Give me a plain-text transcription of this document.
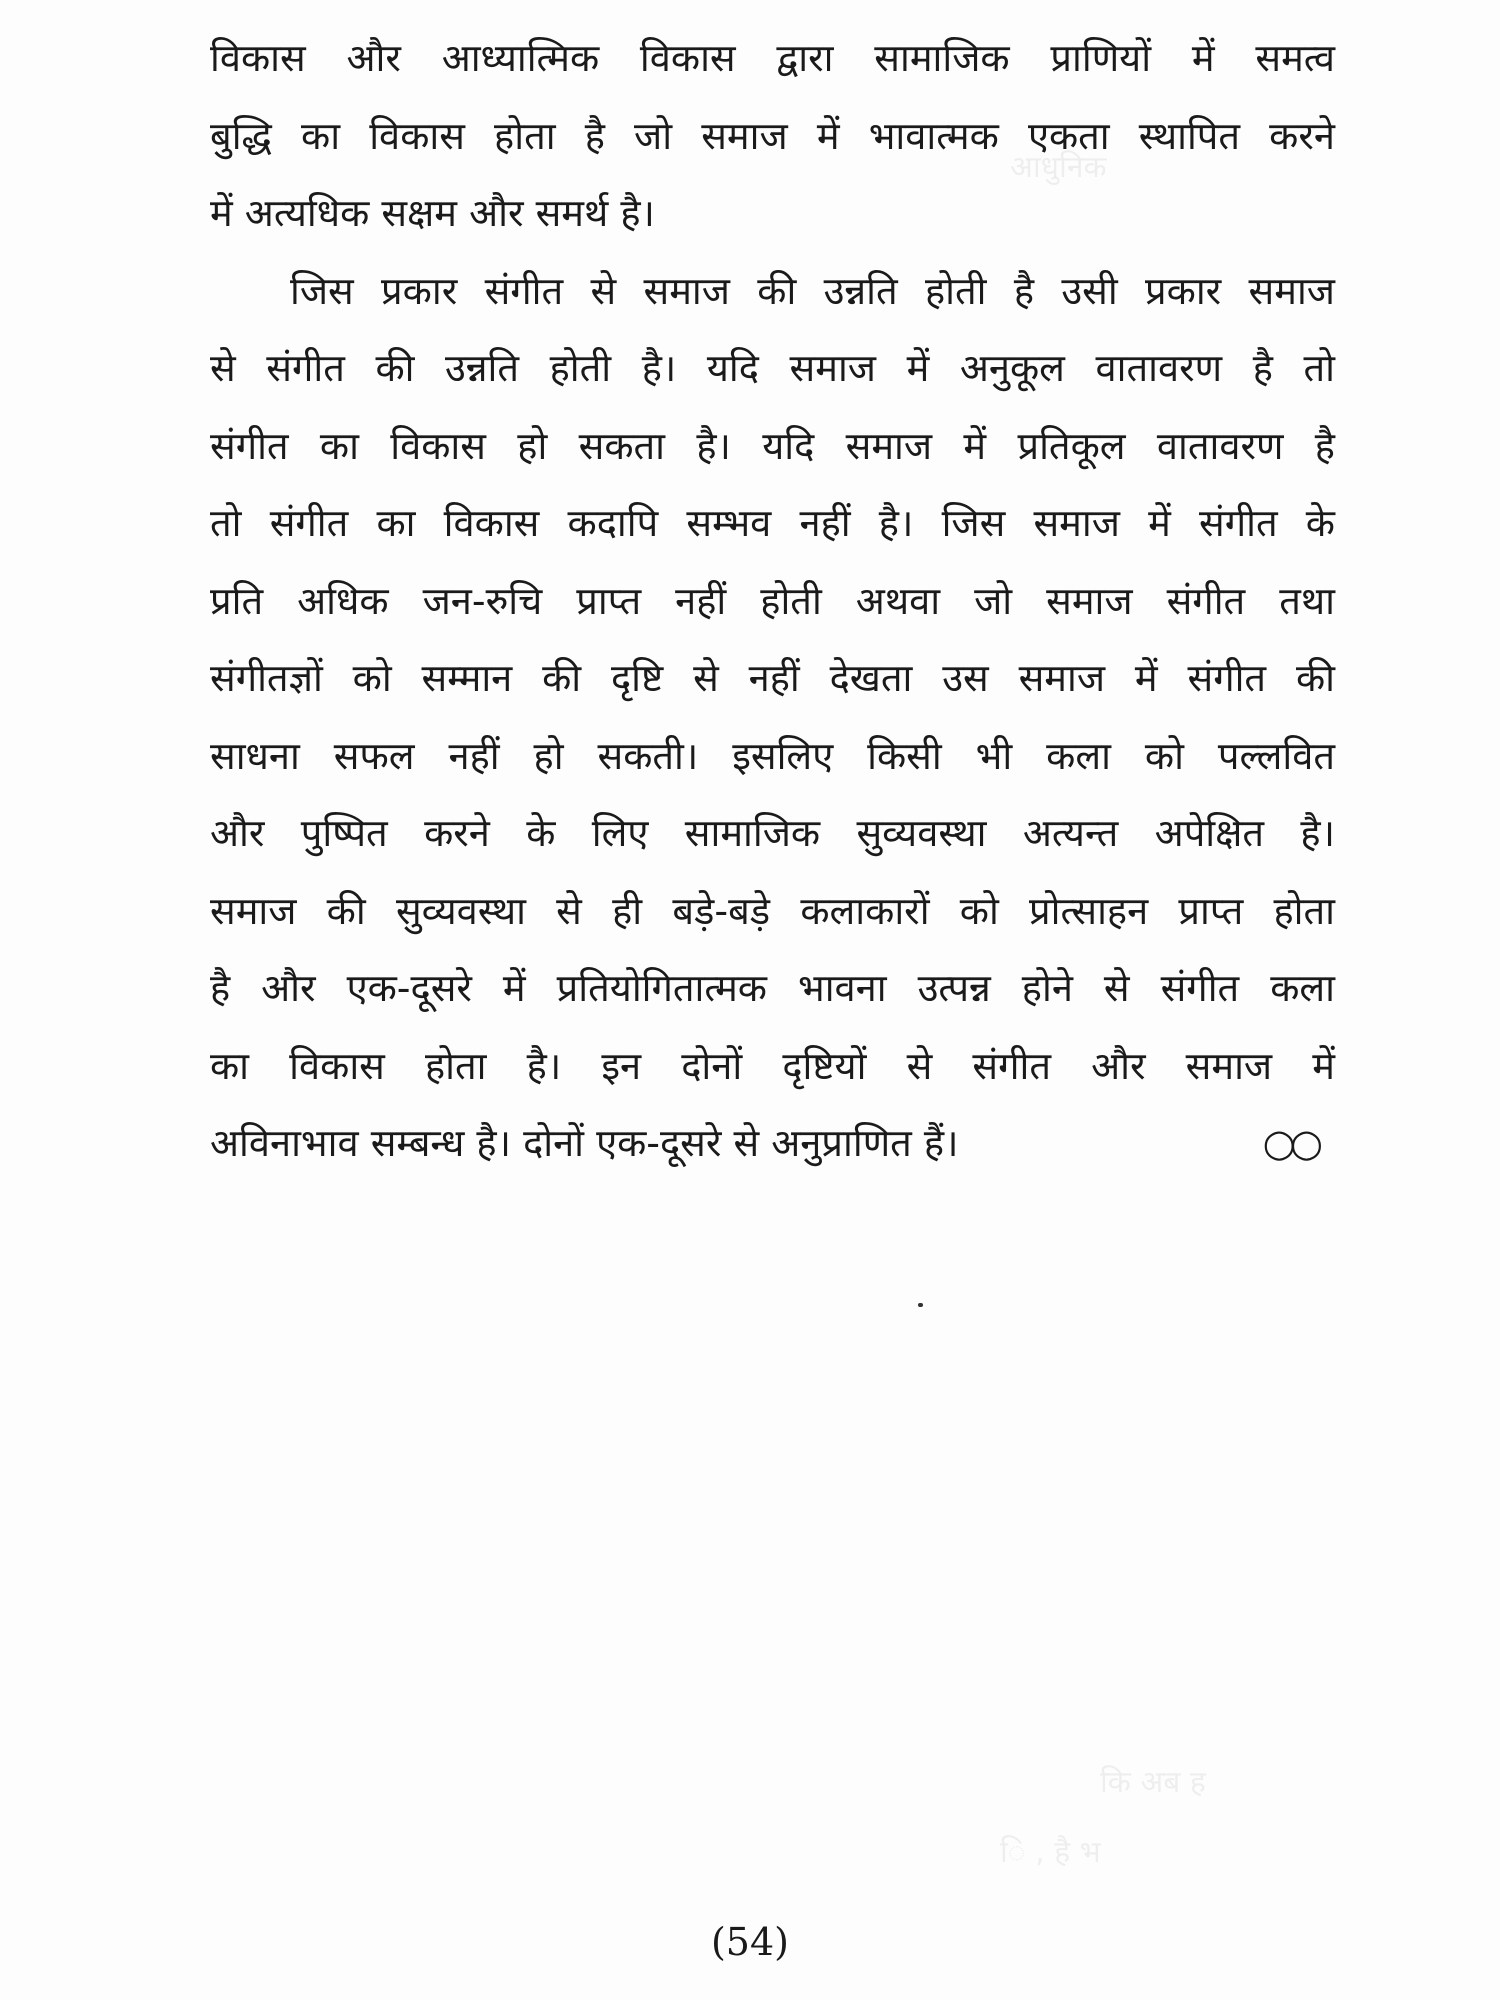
आधुनिक
कि अब ह
ि , है भ
विकास और आध्यात्मिक विकास द्वारा सामाजिक प्राणियों में समत्व
बुद्धि का विकास होता है जो समाज में भावात्मक एकता स्थापित करने
में अत्यधिक सक्षम और समर्थ है।
जिस प्रकार संगीत से समाज की उन्नति होती है उसी प्रकार समाज
से संगीत की उन्नति होती है। यदि समाज में अनुकूल वातावरण है तो
संगीत का विकास हो सकता है। यदि समाज में प्रतिकूल वातावरण है
तो संगीत का विकास कदापि सम्भव नहीं है। जिस समाज में संगीत के
प्रति अधिक जन-रुचि प्राप्त नहीं होती अथवा जो समाज संगीत तथा
संगीतज्ञों को सम्मान की दृष्टि से नहीं देखता उस समाज में संगीत की
साधना सफल नहीं हो सकती। इसलिए किसी भी कला को पल्लवित
और पुष्पित करने के लिए सामाजिक सुव्यवस्था अत्यन्त अपेक्षित है।
समाज की सुव्यवस्था से ही बड़े-बड़े कलाकारों को प्रोत्साहन प्राप्त होता
है और एक-दूसरे में प्रतियोगितात्मक भावना उत्पन्न होने से संगीत कला
का विकास होता है। इन दोनों दृष्टियों से संगीत और समाज में
अविनाभाव सम्बन्ध है। दोनों एक-दूसरे से अनुप्राणित हैं।	○○
(54)
